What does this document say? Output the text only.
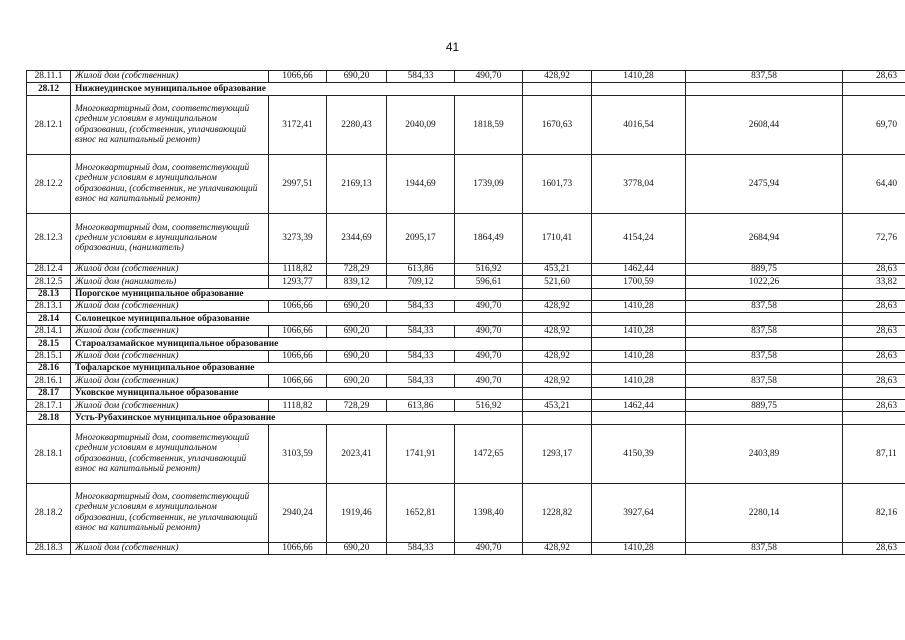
41
28.11.1	Жилой дом (собственник)	1066,66	690,20	584,33	490,70	428,92	1410,28	837,58	28,63
28.12	Нижнеудинское муниципальное образование								
28.12.1	Многоквартирный дом, соответствующий средним условиям в муниципальном образовании, (собственник, уплачивающий взнос на капитальный ремонт)	3172,41	2280,43	2040,09	1818,59	1670,63	4016,54	2608,44	69,70
28.12.2	Многоквартирный дом, соответствующий средним условиям в муниципальном образовании, (собственник, не уплачивающий взнос на капитальный ремонт)	2997,51	2169,13	1944,69	1739,09	1601,73	3778,04	2475,94	64,40
28.12.3	Многоквартирный дом, соответствующий средним условиям в муниципальном образовании, (наниматель)	3273,39	2344,69	2095,17	1864,49	1710,41	4154,24	2684,94	72,76
28.12.4	Жилой дом (собственник)	1118,82	728,29	613,86	516,92	453,21	1462,44	889,75	28,63
28.12.5	Жилой дом (наниматель)	1293,77	839,12	709,12	596,61	521,60	1700,59	1022,26	33,82
28.13	Порогское муниципальное образование								
28.13.1	Жилой дом (собственник)	1066,66	690,20	584,33	490,70	428,92	1410,28	837,58	28,63
28.14	Солонецкое муниципальное образование								
28.14.1	Жилой дом (собственник)	1066,66	690,20	584,33	490,70	428,92	1410,28	837,58	28,63
28.15	Староалзамайское муниципальное образование								
28.15.1	Жилой дом (собственник)	1066,66	690,20	584,33	490,70	428,92	1410,28	837,58	28,63
28.16	Тофаларское муниципальное образование								
28.16.1	Жилой дом (собственник)	1066,66	690,20	584,33	490,70	428,92	1410,28	837,58	28,63
28.17	Уковское муниципальное образование								
28.17.1	Жилой дом (собственник)	1118,82	728,29	613,86	516,92	453,21	1462,44	889,75	28,63
28.18	Усть-Рубахинское муниципальное образование								
28.18.1	Многоквартирный дом, соответствующий средним условиям в муниципальном образовании, (собственник, уплачивающий взнос на капитальный ремонт)	3103,59	2023,41	1741,91	1472,65	1293,17	4150,39	2403,89	87,11
28.18.2	Многоквартирный дом, соответствующий средним условиям в муниципальном образовании, (собственник, не уплачивающий взнос на капитальный ремонт)	2940,24	1919,46	1652,81	1398,40	1228,82	3927,64	2280,14	82,16
28.18.3	Жилой дом (собственник)	1066,66	690,20	584,33	490,70	428,92	1410,28	837,58	28,63
